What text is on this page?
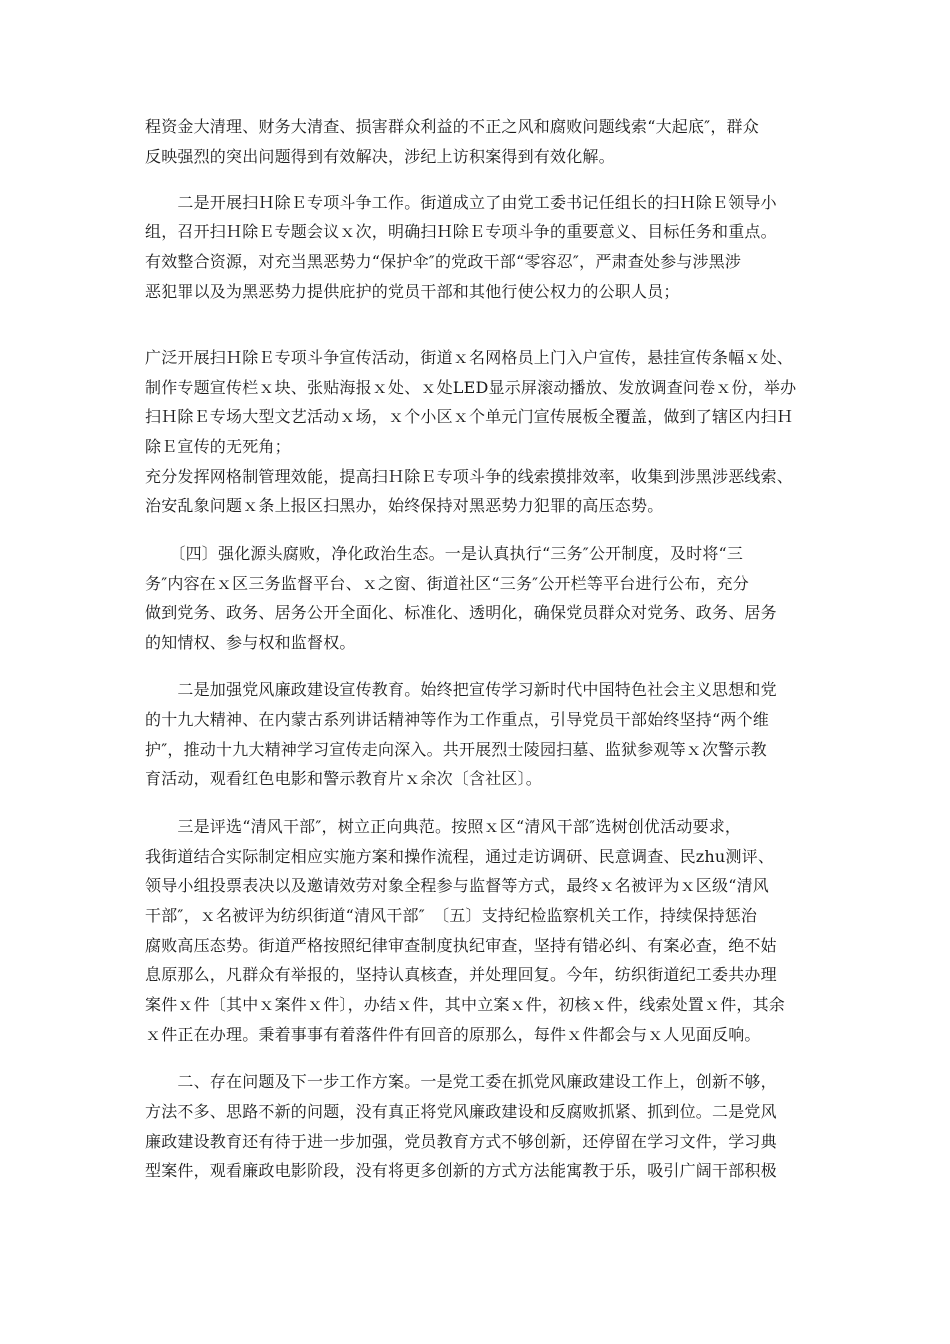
程资金大清理、财务大清查、损害群众利益的不正之风和腐败问题线索“大起底″，群众
反映强烈的突出问题得到有效解决，涉纪上访积案得到有效化解。
　　二是开展扫Ｈ除Ｅ专项斗争工作。街道成立了由党工委书记任组长的扫Ｈ除Ｅ领导小
组，召开扫Ｈ除Ｅ专题会议ｘ次，明确扫Ｈ除Ｅ专项斗争的重要意义、目标任务和重点。
有效整合资源，对充当黑恶势力“保护伞″的党政干部“零容忍″，严肃查处参与涉黑涉
恶犯罪以及为黑恶势力提供庇护的党员干部和其他行使公权力的公职人员；
广泛开展扫Ｈ除Ｅ专项斗争宣传活动，街道ｘ名网格员上门入户宣传，悬挂宣传条幅ｘ处、
制作专题宣传栏ｘ块、张贴海报ｘ处、ｘ处LED显示屏滚动播放、发放调查问卷ｘ份，举办
扫Ｈ除Ｅ专场大型文艺活动ｘ场，ｘ个小区ｘ个单元门宣传展板全覆盖，做到了辖区内扫Ｈ
除Ｅ宣传的无死角；
充分发挥网格制管理效能，提高扫Ｈ除Ｅ专项斗争的线索摸排效率，收集到涉黑涉恶线索、
治安乱象问题ｘ条上报区扫黑办，始终保持对黑恶势力犯罪的高压态势。
　　〔四〕强化源头腐败，净化政治生态。一是认真执行“三务″公开制度，及时将“三
务″内容在ｘ区三务监督平台、ｘ之窗、街道社区“三务″公开栏等平台进行公布，充分
做到党务、政务、居务公开全面化、标准化、透明化，确保党员群众对党务、政务、居务
的知情权、参与权和监督权。
　　二是加强党风廉政建设宣传教育。始终把宣传学习新时代中国特色社会主义思想和党
的十九大精神、在内蒙古系列讲话精神等作为工作重点，引导党员干部始终坚持“两个维
护″，推动十九大精神学习宣传走向深入。共开展烈士陵园扫墓、监狱参观等ｘ次警示教
育活动，观看红色电影和警示教育片ｘ余次〔含社区〕。
　　三是评选“清风干部″，树立正向典范。按照ｘ区“清风干部″选树创优活动要求，
我街道结合实际制定相应实施方案和操作流程，通过走访调研、民意调查、民zhu测评、
领导小组投票表决以及邀请效劳对象全程参与监督等方式，最终ｘ名被评为ｘ区级“清风
干部″，ｘ名被评为纺织街道“清风干部″　〔五〕支持纪检监察机关工作，持续保持惩治
腐败高压态势。街道严格按照纪律审查制度执纪审查，坚持有错必纠、有案必查，绝不姑
息原那么，凡群众有举报的，坚持认真核查，并处理回复。今年，纺织街道纪工委共办理
案件ｘ件〔其中ｘ案件ｘ件〕，办结ｘ件，其中立案ｘ件，初核ｘ件，线索处置ｘ件，其余
ｘ件正在办理。秉着事事有着落件件有回音的原那么，每件ｘ件都会与ｘ人见面反响。
　　二、存在问题及下一步工作方案。一是党工委在抓党风廉政建设工作上，创新不够，
方法不多、思路不新的问题，没有真正将党风廉政建设和反腐败抓紧、抓到位。二是党风
廉政建设教育还有待于进一步加强，党员教育方式不够创新，还停留在学习文件，学习典
型案件，观看廉政电影阶段，没有将更多创新的方式方法能寓教于乐，吸引广阔干部积极
